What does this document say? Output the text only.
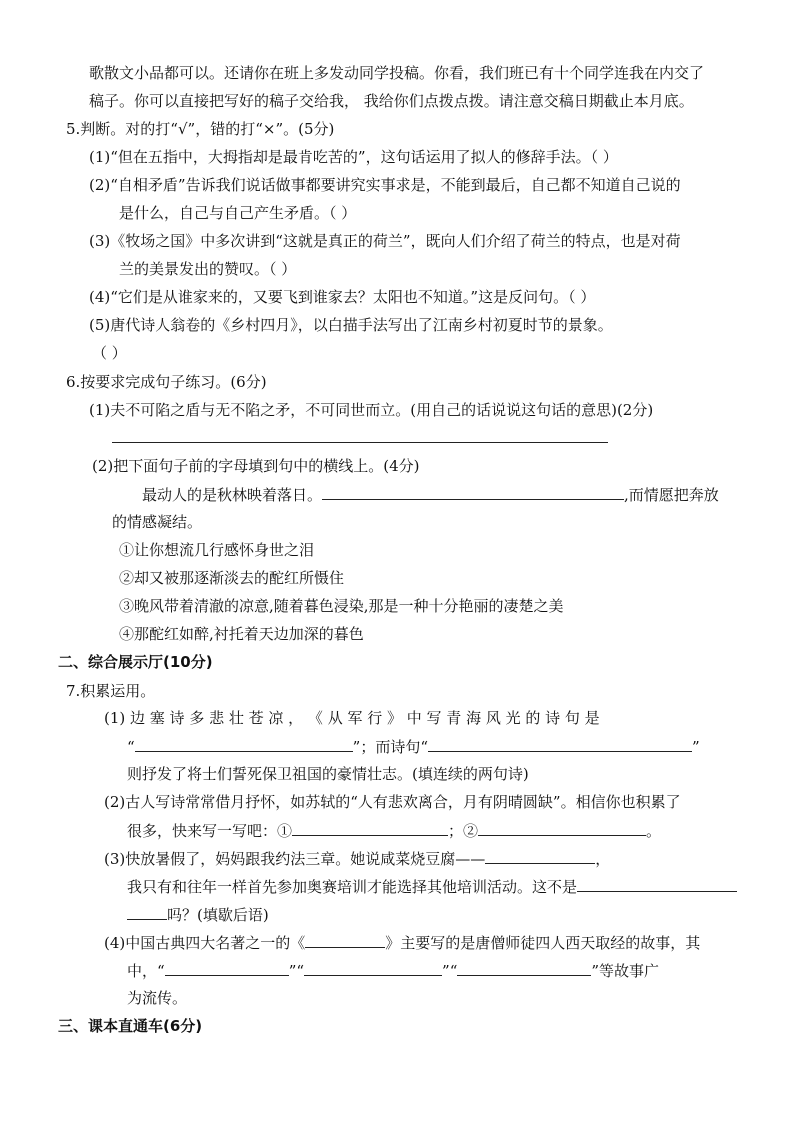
歌散文小品都可以。还请你在班上多发动同学投稿。你看，我们班已有十个同学连我在内交了
稿子。你可以直接把写好的稿子交给我， 我给你们点拨点拨。请注意交稿日期截止本月底。
5.判断。对的打“√”，错的打“×”。(5分)
(1)“但在五指中，大拇指却是最肯吃苦的”，这句话运用了拟人的修辞手法。（ ）
(2)“自相矛盾”告诉我们说话做事都要讲究实事求是，不能到最后，自己都不知道自己说的
是什么，自己与自己产生矛盾。（ ）
(3)《牧场之国》中多次讲到“这就是真正的荷兰”，既向人们介绍了荷兰的特点，也是对荷
兰的美景发出的赞叹。（ ）
(4)“它们是从谁家来的，又要飞到谁家去？太阳也不知道。”这是反问句。（ ）
(5)唐代诗人翁卷的《乡村四月》，以白描手法写出了江南乡村初夏时节的景象。
（ ）
6.按要求完成句子练习。(6分)
(1)夫不可陷之盾与无不陷之矛，不可同世而立。(用自己的话说说这句话的意思)(2分)
(2)把下面句子前的字母填到句中的横线上。(4分)
最动人的是秋林映着落日。	,而情愿把奔放
的情感凝结。
①让你想流几行感怀身世之泪
②却又被那逐渐淡去的酡红所慑住
③晚风带着清澈的凉意,随着暮色浸染,那是一种十分艳丽的凄楚之美
④那酡红如醉,衬托着天边加深的暮色
二、综合展示厅(10分)
7.积累运用。
(1) 边 塞 诗 多 悲 壮 苍 凉 ， 《 从 军 行 》 中 写 青 海 风 光 的 诗 句 是
“	”；而诗句“	”
则抒发了将士们誓死保卫祖国的豪情壮志。(填连续的两句诗)
(2)古人写诗常常借月抒怀，如苏轼的“人有悲欢离合，月有阴晴圆缺”。相信你也积累了
很多，快来写一写吧：①	；②	。
(3)快放暑假了，妈妈跟我约法三章。她说咸菜烧豆腐——	，
我只有和往年一样首先参加奥赛培训才能选择其他培训活动。这不是
吗？(填歇后语)
(4)中国古典四大名著之一的《	》主要写的是唐僧师徒四人西天取经的故事，其
中，“	”“	”“	”等故事广
为流传。
三、课本直通车(6分)
